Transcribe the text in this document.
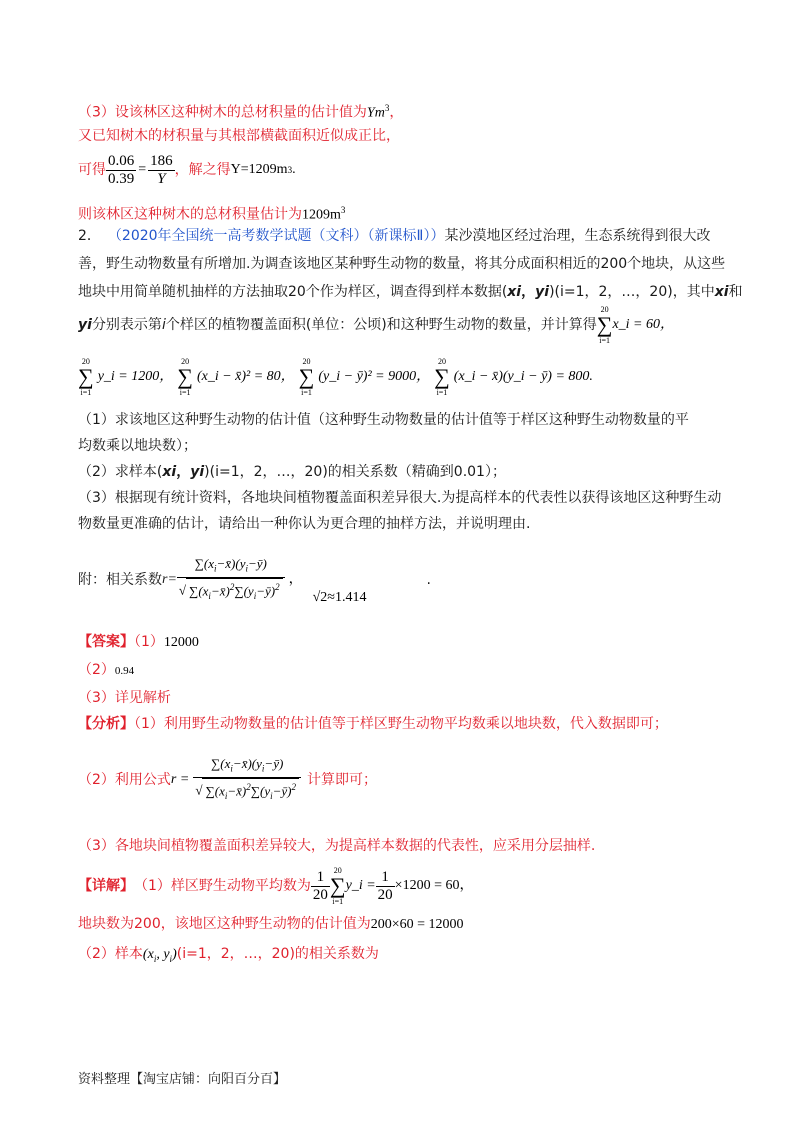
（3）设该林区这种树木的总材积量的估计值为Ym$^3$，
又已知树木的材积量与其根部横截面积近似成正比，
可得 $\frac{0.06}{0.39} = \frac{186}{Y}$ ，解之得 Y=1209m 3 .
则该林区这种树木的总材积量估计为$1209m^3$
2． （2020年全国统一高考数学试题（文科）（新课标Ⅱ））某沙漠地区经过治理，生态系统得到很大改
善，野生动物数量有所增加.为调查该地区某种野生动物的数量，将其分成面积相近的200个地块，从这些
地块中用简单随机抽样的方法抽取20个作为样区，调查得到样本数据(xi，yi)(i=1，2，…，20)，其中xi和
yi 分别表示第 i 个样区的植物覆盖面积(单位：公顷)和这种野生动物的数量，并计算得
20
∑
i=1
x_i = 60，
20
∑
i=1
y_i = 1200，
20
∑
i=1
(x_i − x̄)² = 80，
20
∑
i=1
(y_i − ȳ)² = 9000，
20
∑
i=1
(x_i − x̄)(y_i − ȳ) = 800.
（1）求该地区这种野生动物的估计值（这种野生动物数量的估计值等于样区这种野生动物数量的平
均数乘以地块数）；
（2）求样本(xi，yi)(i=1，2，…，20)的相关系数（精确到0.01）；
（3）根据现有统计资料，各地块间植物覆盖面积差异很大.为提高样本的代表性以获得该地区这种野生动
物数量更准确的估计，请给出一种你认为更合理的抽样方法，并说明理由.
附：相关系数 $r= \frac{\sum(x_i-x̄)(y_i-ȳ)}{√ \sum(x_i-x̄)^2\sum(y_i-ȳ)^2}$ ，
√2≈1.414
.
【答案】（1）12000
（2）0.94
（3）详见解析
【分析】（1）利用野生动物数量的估计值等于样区野生动物平均数乘以地块数，代入数据即可；
（2）利用公式 $r = \frac{\sum(x_i-x̄)(y_i-ȳ)}{√ \sum(x_i-x̄)^2\sum(y_i-ȳ)^2}$ 计算即可；
（3）各地块间植物覆盖面积差异较大，为提高样本数据的代表性，应采用分层抽样.
【详解】 （1）样区野生动物平均数为 $\frac{1}{20} 20$
∑
i=1
y_i = $\frac{1}{20} \times 1200 = 60$，
地块数为200，该地区这种野生动物的估计值为200×60 = 12000
（2）样本($x_i$, $y_i)(i=1$，2，…，20)的相关系数为
资料整理【淘宝店铺：向阳百分百】
